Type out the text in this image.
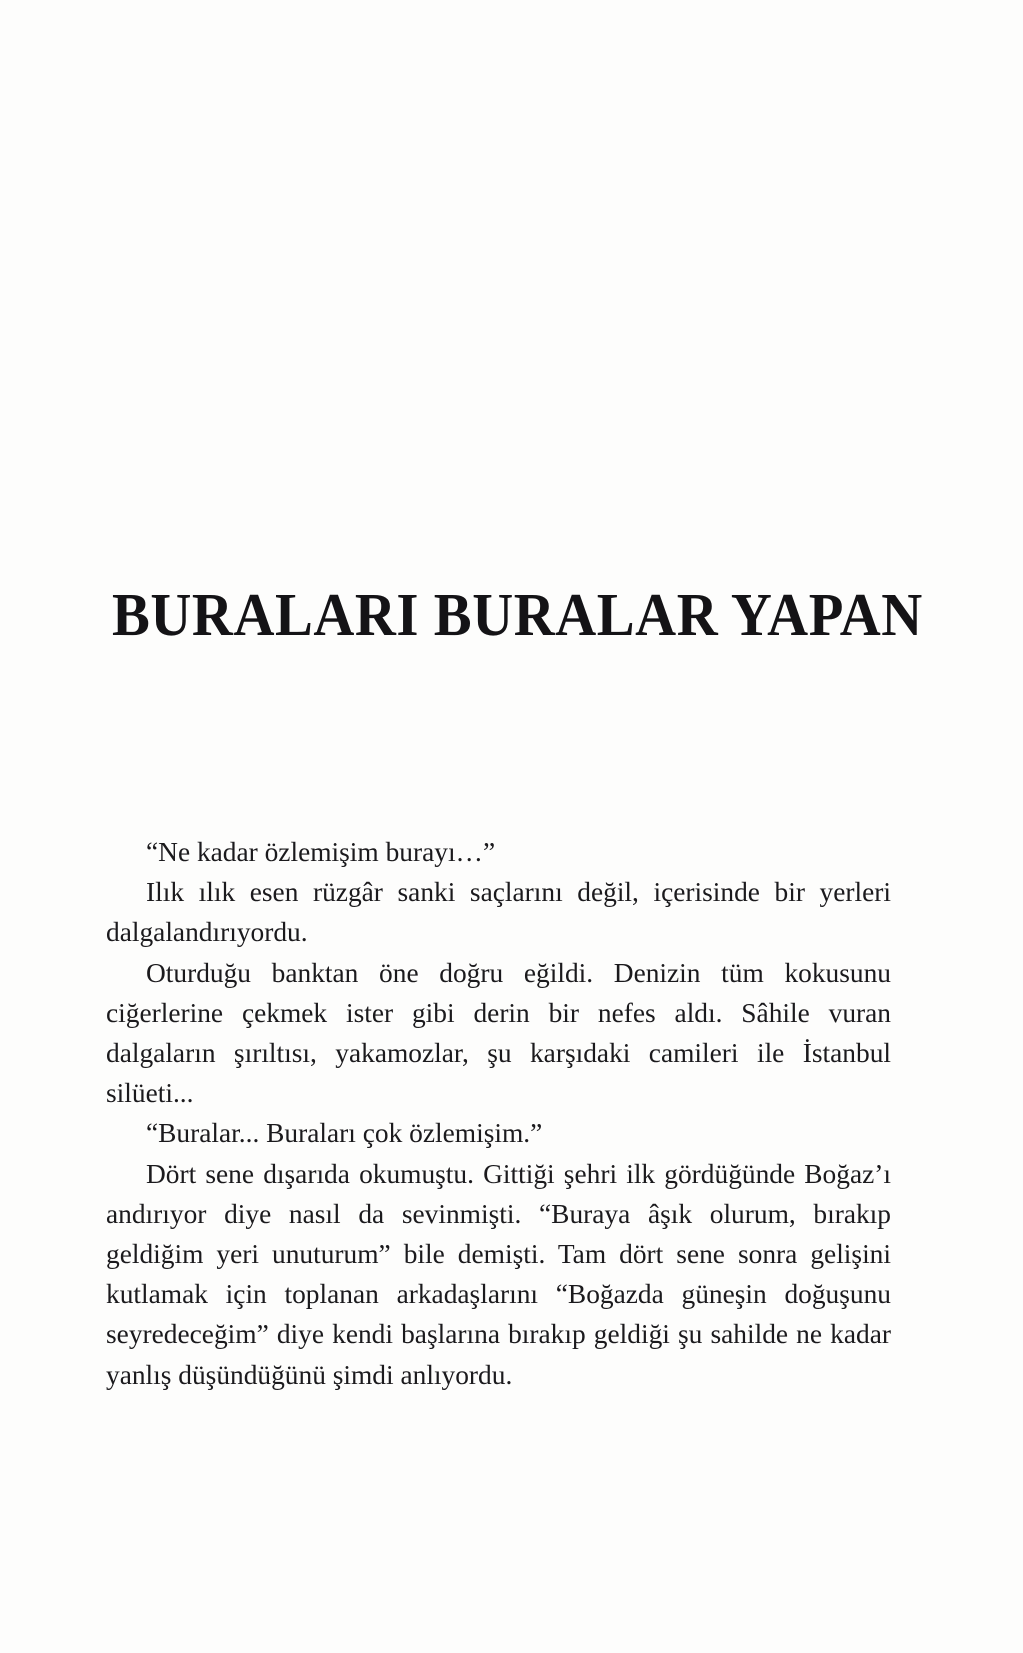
BURALARI BURALAR YAPAN

“Ne kadar özlemişim burayı…”

Ilık ılık esen rüzgâr sanki saçlarını değil, içerisinde bir yerleri dalgalandırıyordu.

Oturduğu banktan öne doğru eğildi. Denizin tüm kokusunu ciğerlerine çekmek ister gibi derin bir nefes aldı. Sâhile vuran dalgaların şırıltısı, yakamozlar, şu karşıdaki camileri ile İstanbul silüeti...

“Buralar... Buraları çok özlemişim.”

Dört sene dışarıda okumuştu. Gittiği şehri ilk gördüğünde Boğaz’ı andırıyor diye nasıl da sevinmişti. “Buraya âşık olurum, bırakıp geldiğim yeri unuturum” bile demişti. Tam dört sene sonra gelişini kutlamak için toplanan arkadaşlarını “Boğazda güneşin doğuşunu seyredeceğim” diye kendi başlarına bırakıp geldiği şu sahilde ne kadar yanlış düşündüğünü şimdi anlıyordu.
